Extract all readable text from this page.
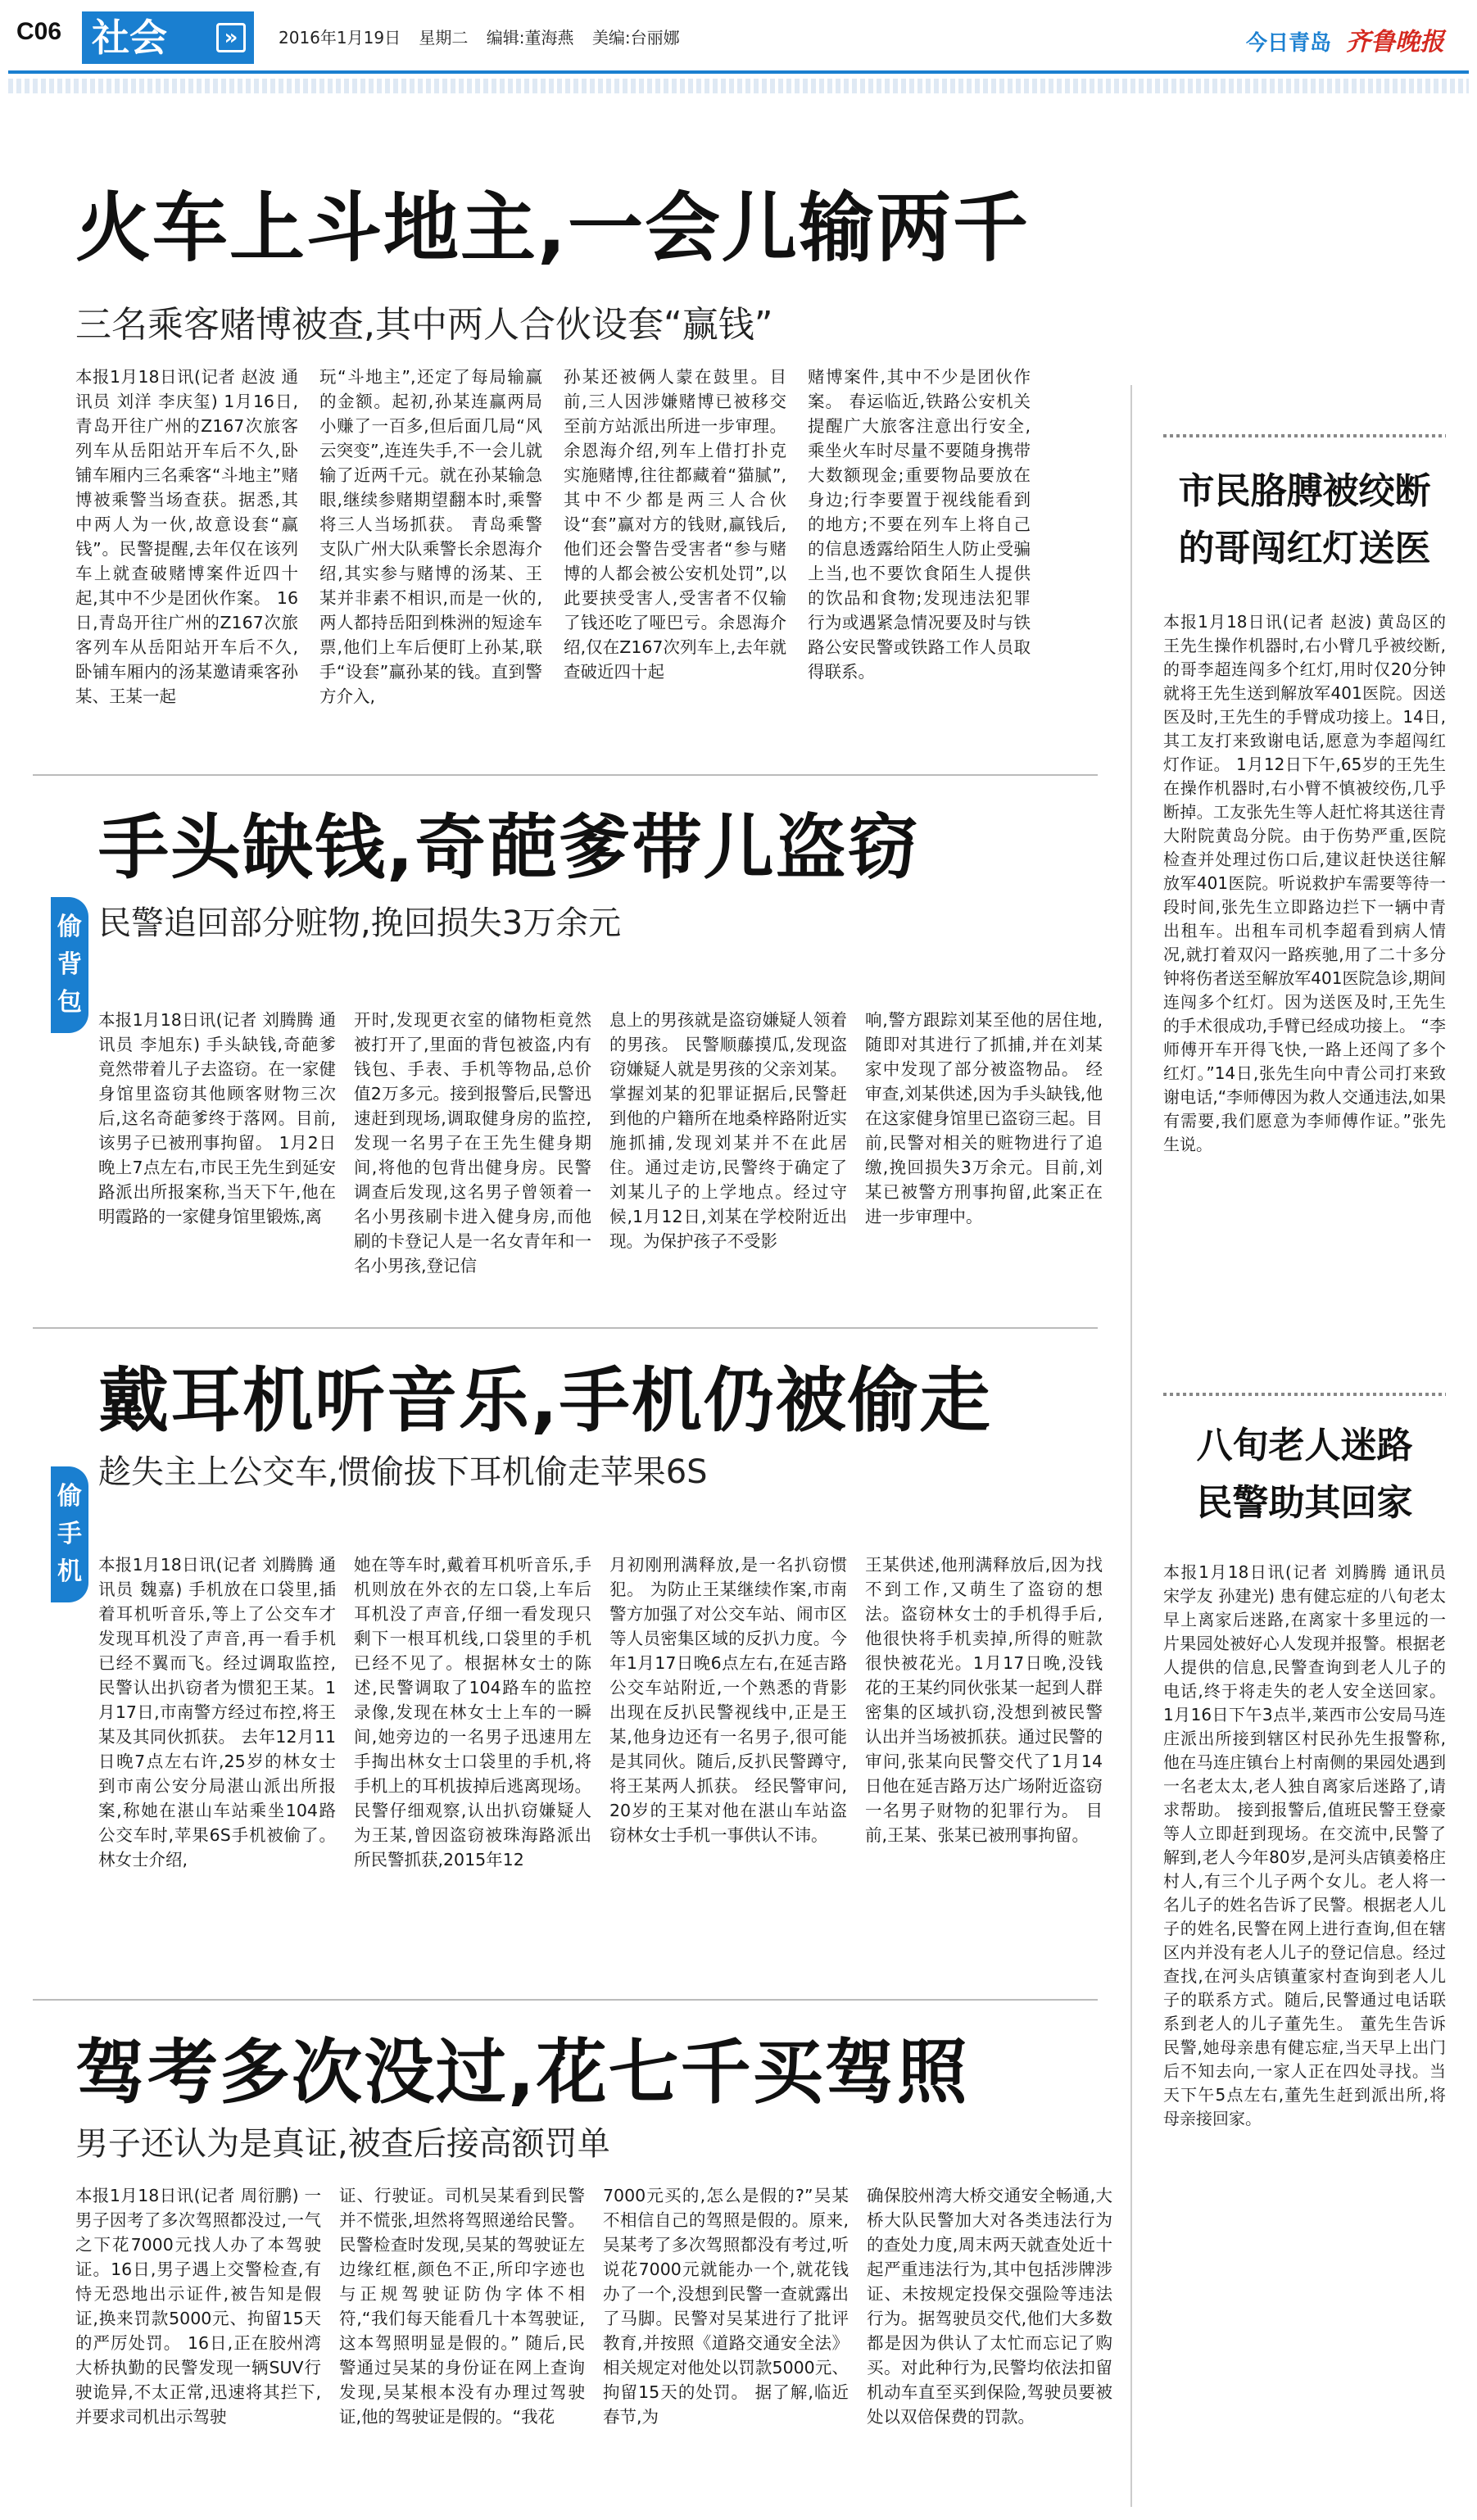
C06 社会	»	2016年1月19日 星期二 编辑:董海燕 美编:台丽娜	今日青岛 齐鲁晚报
火车上斗地主,一会儿输两千
三名乘客赌博被查,其中两人合伙设套“赢钱”
本报1月18日讯(记者 赵波 通讯员 刘洋 李庆玺) 1月16日,青岛开往广州的Z167次旅客列车从岳阳站开车后不久,卧铺车厢内三名乘客“斗地主”赌博被乘警当场查获。据悉,其中两人为一伙,故意设套“赢钱”。民警提醒,去年仅在该列车上就查破赌博案件近四十起,其中不少是团伙作案。 16日,青岛开往广州的Z167次旅客列车从岳阳站开车后不久,卧铺车厢内的汤某邀请乘客孙某、王某一起
玩“斗地主”,还定了每局输赢的金额。起初,孙某连赢两局小赚了一百多,但后面几局“风云突变”,连连失手,不一会儿就输了近两千元。就在孙某输急眼,继续参赌期望翻本时,乘警将三人当场抓获。 青岛乘警支队广州大队乘警长余恩海介绍,其实参与赌博的汤某、王某并非素不相识,而是一伙的,两人都持岳阳到株洲的短途车票,他们上车后便盯上孙某,联手“设套”赢孙某的钱。直到警方介入,
孙某还被俩人蒙在鼓里。目前,三人因涉嫌赌博已被移交至前方站派出所进一步审理。 余恩海介绍,列车上借打扑克实施赌博,往往都藏着“猫腻”,其中不少都是两三人合伙设“套”赢对方的钱财,赢钱后,他们还会警告受害者“参与赌博的人都会被公安机处罚”,以此要挟受害人,受害者不仅输了钱还吃了哑巴亏。余恩海介绍,仅在Z167次列车上,去年就查破近四十起
赌博案件,其中不少是团伙作案。 春运临近,铁路公安机关提醒广大旅客注意出行安全,乘坐火车时尽量不要随身携带大数额现金;重要物品要放在身边;行李要置于视线能看到的地方;不要在列车上将自己的信息透露给陌生人防止受骗上当,也不要饮食陌生人提供的饮品和食物;发现违法犯罪行为或遇紧急情况要及时与铁路公安民警或铁路工作人员取得联系。
手头缺钱,奇葩爹带儿盗窃
民警追回部分赃物,挽回损失3万余元
偷
背
包
本报1月18日讯(记者 刘腾腾 通讯员 李旭东) 手头缺钱,奇葩爹竟然带着儿子去盗窃。在一家健身馆里盗窃其他顾客财物三次后,这名奇葩爹终于落网。目前,该男子已被刑事拘留。 1月2日晚上7点左右,市民王先生到延安路派出所报案称,当天下午,他在明霞路的一家健身馆里锻炼,离
开时,发现更衣室的储物柜竟然被打开了,里面的背包被盗,内有钱包、手表、手机等物品,总价值2万多元。接到报警后,民警迅速赶到现场,调取健身房的监控,发现一名男子在王先生健身期间,将他的包背出健身房。民警调查后发现,这名男子曾领着一名小男孩刷卡进入健身房,而他刷的卡登记人是一名女青年和一名小男孩,登记信
息上的男孩就是盗窃嫌疑人领着的男孩。 民警顺藤摸瓜,发现盗窃嫌疑人就是男孩的父亲刘某。掌握刘某的犯罪证据后,民警赶到他的户籍所在地桑梓路附近实施抓捕,发现刘某并不在此居住。通过走访,民警终于确定了刘某儿子的上学地点。经过守候,1月12日,刘某在学校附近出现。为保护孩子不受影
响,警方跟踪刘某至他的居住地,随即对其进行了抓捕,并在刘某家中发现了部分被盗物品。 经审查,刘某供述,因为手头缺钱,他在这家健身馆里已盗窃三起。目前,民警对相关的赃物进行了追缴,挽回损失3万余元。目前,刘某已被警方刑事拘留,此案正在进一步审理中。
戴耳机听音乐,手机仍被偷走
趁失主上公交车,惯偷拔下耳机偷走苹果6S
偷
手
机 本报1月18日讯(记者 刘腾腾 通讯员 魏嘉) 手机放在口袋里,插着耳机听音乐,等上了公交车才发现耳机没了声音,再一看手机已经不翼而飞。经过调取监控,民警认出扒窃者为惯犯王某。1月17日,市南警方经过布控,将王某及其同伙抓获。 去年12月11日晚7点左右许,25岁的林女士到市南公安分局湛山派出所报案,称她在湛山车站乘坐104路公交车时,苹果6S手机被偷了。林女士介绍,
她在等车时,戴着耳机听音乐,手机则放在外衣的左口袋,上车后耳机没了声音,仔细一看发现只剩下一根耳机线,口袋里的手机已经不见了。根据林女士的陈述,民警调取了104路车的监控录像,发现在林女士上车的一瞬间,她旁边的一名男子迅速用左手掏出林女士口袋里的手机,将手机上的耳机拔掉后逃离现场。民警仔细观察,认出扒窃嫌疑人为王某,曾因盗窃被珠海路派出所民警抓获,2015年12
月初刚刑满释放,是一名扒窃惯犯。 为防止王某继续作案,市南警方加强了对公交车站、闹市区等人员密集区域的反扒力度。今年1月17日晚6点左右,在延吉路公交车站附近,一个熟悉的背影出现在反扒民警视线中,正是王某,他身边还有一名男子,很可能是其同伙。随后,反扒民警蹲守,将王某两人抓获。 经民警审问,20岁的王某对他在湛山车站盗窃林女士手机一事供认不讳。
王某供述,他刑满释放后,因为找不到工作,又萌生了盗窃的想法。盗窃林女士的手机得手后,他很快将手机卖掉,所得的赃款很快被花光。1月17日晚,没钱花的王某约同伙张某一起到人群密集的区域扒窃,没想到被民警认出并当场被抓获。通过民警的审问,张某向民警交代了1月14日他在延吉路万达广场附近盗窃一名男子财物的犯罪行为。 目前,王某、张某已被刑事拘留。
驾考多次没过,花七千买驾照
男子还认为是真证,被查后接高额罚单
本报1月18日讯(记者 周衍鹏) 一男子因考了多次驾照都没过,一气之下花7000元找人办了本驾驶证。16日,男子遇上交警检查,有恃无恐地出示证件,被告知是假证,换来罚款5000元、拘留15天的严厉处罚。 16日,正在胶州湾大桥执勤的民警发现一辆SUV行驶诡异,不太正常,迅速将其拦下,并要求司机出示驾驶
证、行驶证。司机吴某看到民警并不慌张,坦然将驾照递给民警。民警检查时发现,吴某的驾驶证左边缘红框,颜色不正,所印字迹也与正规驾驶证防伪字体不相符,“我们每天能看几十本驾驶证,这本驾照明显是假的。” 随后,民警通过吴某的身份证在网上查询发现,吴某根本没有办理过驾驶证,他的驾驶证是假的。“我花
7000元买的,怎么是假的?”吴某不相信自己的驾照是假的。原来,吴某考了多次驾照都没有考过,听说花7000元就能办一个,就花钱办了一个,没想到民警一查就露出了马脚。民警对吴某进行了批评教育,并按照《道路交通安全法》相关规定对他处以罚款5000元、拘留15天的处罚。 据了解,临近春节,为
确保胶州湾大桥交通安全畅通,大桥大队民警加大对各类违法行为的查处力度,周末两天就查处近十起严重违法行为,其中包括涉牌涉证、未按规定投保交强险等违法行为。据驾驶员交代,他们大多数都是因为供认了太忙而忘记了购买。对此种行为,民警均依法扣留机动车直至买到保险,驾驶员要被处以双倍保费的罚款。
市民胳膊被绞断
的哥闯红灯送医
本报1月18日讯(记者 赵波) 黄岛区的王先生操作机器时,右小臂几乎被绞断,的哥李超连闯多个红灯,用时仅20分钟就将王先生送到解放军401医院。因送医及时,王先生的手臂成功接上。14日,其工友打来致谢电话,愿意为李超闯红灯作证。 1月12日下午,65岁的王先生在操作机器时,右小臂不慎被绞伤,几乎断掉。工友张先生等人赶忙将其送往青大附院黄岛分院。由于伤势严重,医院检查并处理过伤口后,建议赶快送往解放军401医院。听说救护车需要等待一段时间,张先生立即路边拦下一辆中青出租车。出租车司机李超看到病人情况,就打着双闪一路疾驰,用了二十多分钟将伤者送至解放军401医院急诊,期间连闯多个红灯。因为送医及时,王先生的手术很成功,手臂已经成功接上。 “李师傅开车开得飞快,一路上还闯了多个红灯。”14日,张先生向中青公司打来致谢电话,“李师傅因为救人交通违法,如果有需要,我们愿意为李师傅作证。”张先生说。
八旬老人迷路
民警助其回家
本报1月18日讯(记者 刘腾腾 通讯员 宋学友 孙建光) 患有健忘症的八旬老太早上离家后迷路,在离家十多里远的一片果园处被好心人发现并报警。根据老人提供的信息,民警查询到老人儿子的电话,终于将走失的老人安全送回家。 1月16日下午3点半,莱西市公安局马连庄派出所接到辖区村民孙先生报警称,他在马连庄镇台上村南侧的果园处遇到一名老太太,老人独自离家后迷路了,请求帮助。 接到报警后,值班民警王登豪等人立即赶到现场。在交流中,民警了解到,老人今年80岁,是河头店镇姜格庄村人,有三个儿子两个女儿。老人将一名儿子的姓名告诉了民警。根据老人儿子的姓名,民警在网上进行查询,但在辖区内并没有老人儿子的登记信息。经过查找,在河头店镇董家村查询到老人儿子的联系方式。随后,民警通过电话联系到老人的儿子董先生。 董先生告诉民警,她母亲患有健忘症,当天早上出门后不知去向,一家人正在四处寻找。当天下午5点左右,董先生赶到派出所,将母亲接回家。
